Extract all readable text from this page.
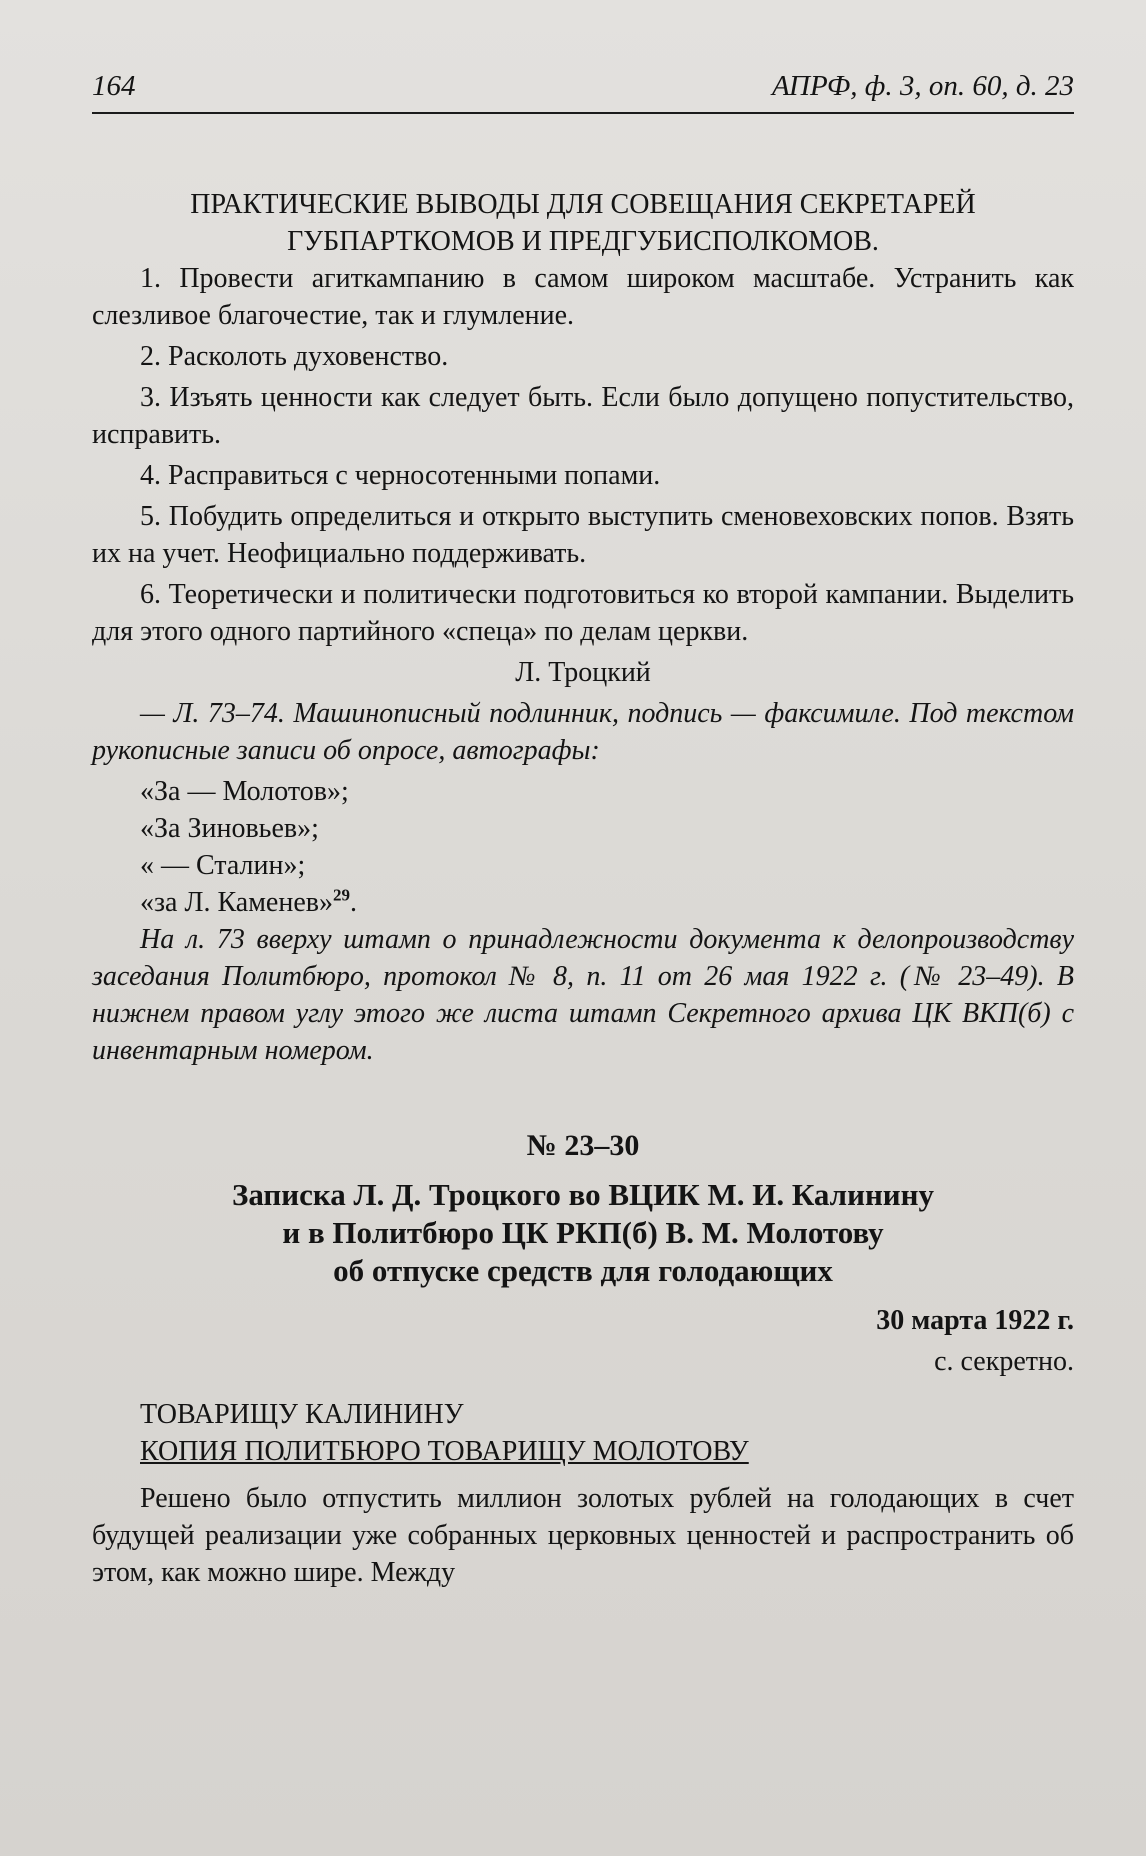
164	АПРФ, ф. 3, оп. 60, д. 23
ПРАКТИЧЕСКИЕ ВЫВОДЫ ДЛЯ СОВЕЩАНИЯ СЕКРЕТАРЕЙ
ГУБПАРТКОМОВ И ПРЕДГУБИСПОЛКОМОВ.

1. Провести агиткампанию в самом широком масштабе. Устранить как слезливое благочестие, так и глумление.

2. Расколоть духовенство.

3. Изъять ценности как следует быть. Если было допущено попустительство, исправить.

4. Расправиться с черносотенными попами.

5. Побудить определиться и открыто выступить сменовеховских попов. Взять их на учет. Неофициально поддерживать.

6. Теоретически и политически подготовиться ко второй кампании. Выделить для этого одного партийного «спеца» по делам церкви.

Л. Троцкий

— Л. 73–74. Машинописный подлинник, подпись — факсимиле. Под текстом рукописные записи об опросе, автографы:

«За — Молотов»;

«За Зиновьев»;

« — Сталин»;

«за Л. Каменев»$^{29}$.

На л. 73 вверху штамп о принадлежности документа к делопроизводству заседания Политбюро, протокол № 8, п. 11 от 26 мая 1922 г. (№ 23–49). В нижнем правом углу этого же листа штамп Секретного архива ЦК ВКП(б) с инвентарным номером.

№ 23–30
Записка Л. Д. Троцкого во ВЦИК М. И. Калинину
и в Политбюро ЦК РКП(б) В. М. Молотову
об отпуске средств для голодающих
30 марта 1922 г.
с. секретно.

ТОВАРИЩУ КАЛИНИНУ

КОПИЯ ПОЛИТБЮРО ТОВАРИЩУ МОЛОТОВУ

Решено было отпустить миллион золотых рублей на голодающих в счет будущей реализации уже собранных церковных ценностей и распространить об этом, как можно шире. Между
